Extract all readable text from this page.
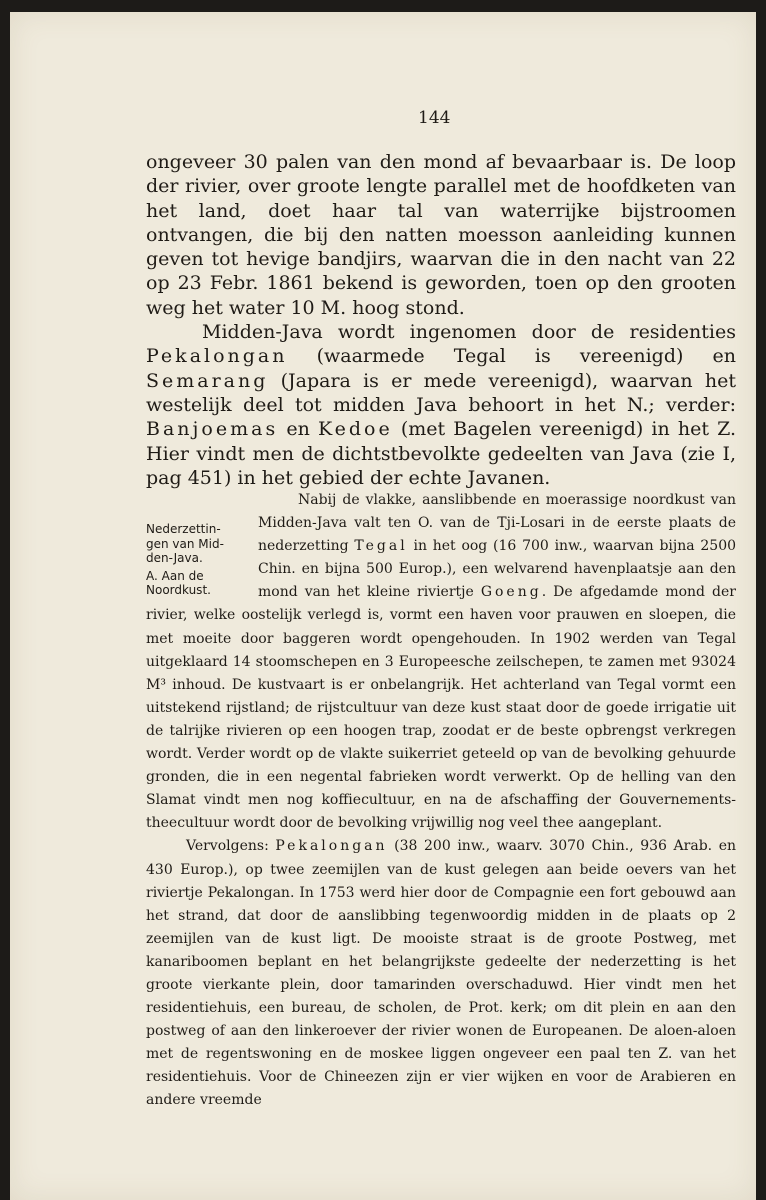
144

ongeveer 30 palen van den mond af bevaarbaar is. De loop der rivier, over groote lengte parallel met de hoofdketen van het land, doet haar tal van waterrijke bijstroomen ontvangen, die bij den natten moesson aanleiding kunnen geven tot hevige bandjirs, waarvan die in den nacht van 22 op 23 Febr. 1861 bekend is geworden, toen op den grooten weg het water 10 M. hoog stond.

Midden-Java wordt ingenomen door de residenties Pekalongan (waarmede Tegal is vereenigd) en Semarang (Japara is er mede vereenigd), waarvan het westelijk deel tot midden Java behoort in het N.; verder: Banjoemas en Kedoe (met Bagelen vereenigd) in het Z. Hier vindt men de dichtstbevolkte gedeelten van Java (zie I, pag 451) in het gebied der echte Javanen.

Nederzettin-
gen van Mid-
den-Java.
A. Aan de
Noordkust.

Nabij de vlakke, aanslibbende en moerassige noordkust van Midden-Java valt ten O. van de Tji-Losari in de eerste plaats de nederzetting Tegal in het oog (16 700 inw., waarvan bijna 2500 Chin. en bijna 500 Europ.), een welvarend havenplaatsje aan den mond van het kleine riviertje Goeng. De afgedamde mond der rivier, welke oostelijk verlegd is, vormt een haven voor prauwen en sloepen, die met moeite door baggeren wordt opengehouden. In 1902 werden van Tegal uitgeklaard 14 stoomschepen en 3 Europeesche zeilschepen, te zamen met 93024 M³ inhoud. De kustvaart is er onbelangrijk. Het achterland van Tegal vormt een uitstekend rijstland; de rijstcultuur van deze kust staat door de goede irrigatie uit de talrijke rivieren op een hoogen trap, zoodat er de beste opbrengst verkregen wordt. Verder wordt op de vlakte suikerriet geteeld op van de bevolking gehuurde gronden, die in een negental fabrieken wordt verwerkt. Op de helling van den Slamat vindt men nog koffiecultuur, en na de afschaffing der Gouvernements-theecultuur wordt door de bevolking vrijwillig nog veel thee aangeplant.

Vervolgens: Pekalongan (38 200 inw., waarv. 3070 Chin., 936 Arab. en 430 Europ.), op twee zeemijlen van de kust gelegen aan beide oevers van het riviertje Pekalongan. In 1753 werd hier door de Compagnie een fort gebouwd aan het strand, dat door de aanslibbing tegenwoordig midden in de plaats op 2 zeemijlen van de kust ligt. De mooiste straat is de groote Postweg, met kanariboomen beplant en het belangrijkste gedeelte der nederzetting is het groote vierkante plein, door tamarinden overschaduwd. Hier vindt men het residentiehuis, een bureau, de scholen, de Prot. kerk; om dit plein en aan den postweg of aan den linkeroever der rivier wonen de Europeanen. De aloen-aloen met de regentswoning en de moskee liggen ongeveer een paal ten Z. van het residentiehuis. Voor de Chineezen zijn er vier wijken en voor de Arabieren en andere vreemde
